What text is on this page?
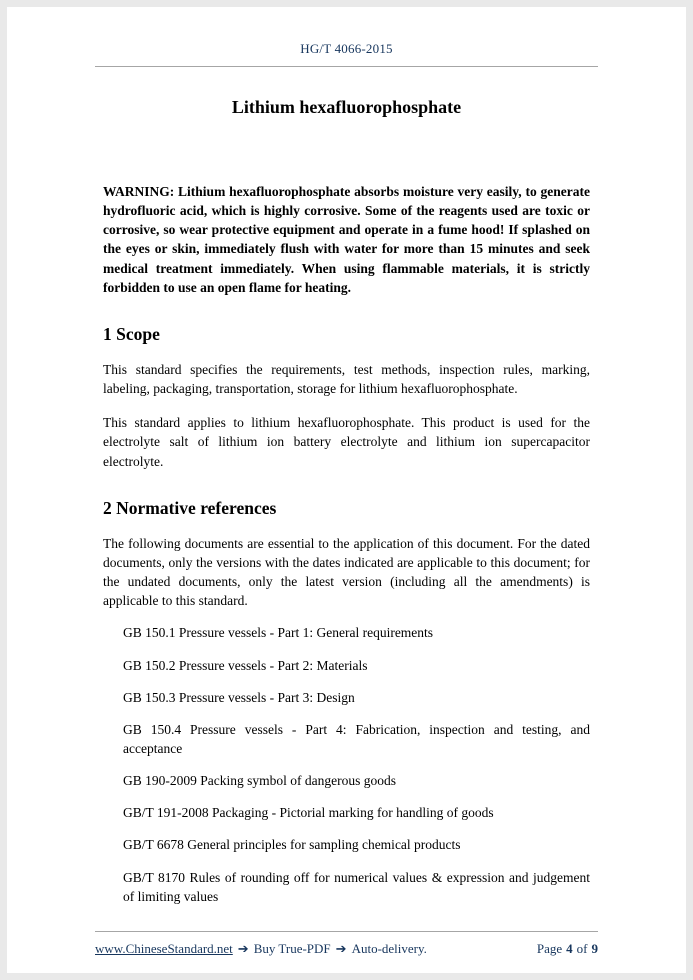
HG/T 4066-2015
Lithium hexafluorophosphate

WARNING: Lithium hexafluorophosphate absorbs moisture very easily, to generate hydrofluoric acid, which is highly corrosive. Some of the reagents used are toxic or corrosive, so wear protective equipment and operate in a fume hood! If splashed on the eyes or skin, immediately flush with water for more than 15 minutes and seek medical treatment immediately. When using flammable materials, it is strictly forbidden to use an open flame for heating.

1 Scope

This standard specifies the requirements, test methods, inspection rules, marking, labeling, packaging, transportation, storage for lithium hexafluorophosphate.

This standard applies to lithium hexafluorophosphate. This product is used for the electrolyte salt of lithium ion battery electrolyte and lithium ion supercapacitor electrolyte.

2 Normative references

The following documents are essential to the application of this document. For the dated documents, only the versions with the dates indicated are applicable to this document; for the undated documents, only the latest version (including all the amendments) is applicable to this standard.

GB 150.1 Pressure vessels - Part 1: General requirements
GB 150.2 Pressure vessels - Part 2: Materials
GB 150.3 Pressure vessels - Part 3: Design
GB 150.4 Pressure vessels - Part 4: Fabrication, inspection and testing, and acceptance
GB 190-2009 Packing symbol of dangerous goods
GB/T 191-2008 Packaging - Pictorial marking for handling of goods
GB/T 6678 General principles for sampling chemical products
GB/T 8170 Rules of rounding off for numerical values & expression and judgement of limiting values
www.ChineseStandard.net ➔ Buy True-PDF ➔ Auto-delivery.	Page 4 of 9
